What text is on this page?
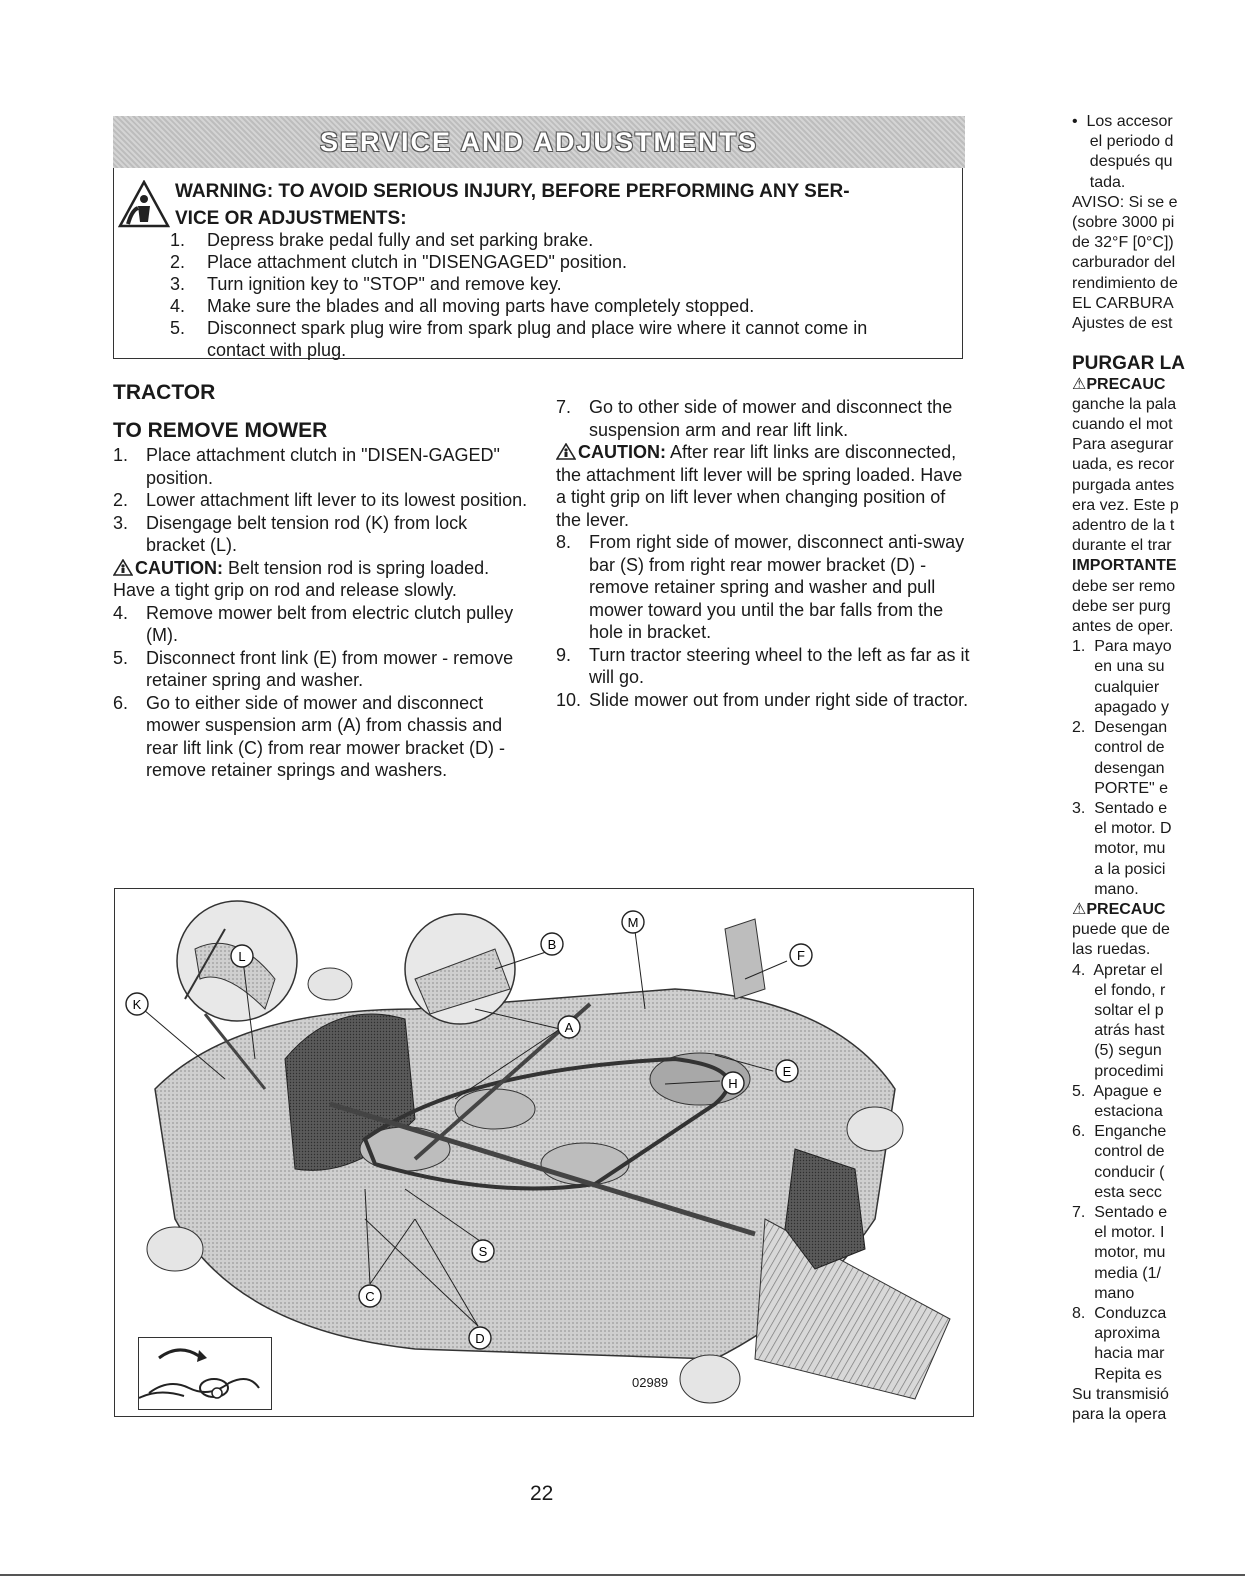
SERVICE AND ADJUSTMENTS
WARNING: TO AVOID SERIOUS INJURY, BEFORE PERFORMING ANY SER-
VICE OR ADJUSTMENTS:
1.	Depress brake pedal fully and set parking brake.
2.	Place attachment clutch in "DISENGAGED" position.
3.	Turn ignition key to "STOP" and remove key.
4.	Make sure the blades and all moving parts have completely stopped.
5.	Disconnect spark plug wire from spark plug and place wire where it cannot come in contact with plug.
TRACTOR
TO REMOVE MOWER
1. Place attachment clutch in "DISEN-GAGED" position.
2. Lower attachment lift lever to its lowest position.
3. Disengage belt tension rod (K) from lock bracket (L).
CAUTION: Belt tension rod is spring loaded. Have a tight grip on rod and release slowly.
4. Remove mower belt from electric clutch pulley (M).
5. Disconnect front link (E) from mower - remove retainer spring and washer.
6. Go to either side of mower and disconnect mower suspension arm (A) from chassis and rear lift link (C) from rear mower bracket (D) - remove retainer springs and washers.
7. Go to other side of mower and disconnect the suspension arm and rear lift link.
CAUTION: After rear lift links are disconnected, the attachment lift lever will be spring loaded. Have a tight grip on lift lever when changing position of the lever.
8. From right side of mower, disconnect anti-sway bar (S) from right rear mower bracket (D) - remove retainer spring and washer and pull mower toward you until the bar falls from the hole in bracket.
9. Turn tractor steering wheel to the left as far as it will go.
10. Slide mower out from under right side of tractor.
L
K
B
M
F
A
E
H
S
C
D
02989
22
•  Los accesor
el periodo d
después qu
tada.
AVISO: Si se e
(sobre 3000 pi
de 32°F [0°C])
carburador del
rendimiento de
EL CARBURA
Ajustes de est

PURGAR LA
⚠PRECAUC
ganche la pala
cuando el mot
Para asegurar
uada, es recor
purgada antes
era vez. Este p
adentro de la t
durante el trar
IMPORTANTE
debe ser remo
debe ser purg
antes de oper.
1.  Para mayo
en una su
cualquier
apagado y
2.  Desengan
control de
desengan
PORTE" e
3.  Sentado e
el motor. D
motor, mu
a la posici
mano.
⚠PRECAUC
puede que de
las ruedas.
4.  Apretar el
el fondo, r
soltar el p
atrás hast
(5) segun
procedimi
5.  Apague e
estaciona
6.  Enganche
control de
conducir (
esta secc
7.  Sentado e
el motor. I
motor, mu
media (1/
mano
8.  Conduzca
aproxima
hacia mar
Repita es
Su transmisió
para la opera
